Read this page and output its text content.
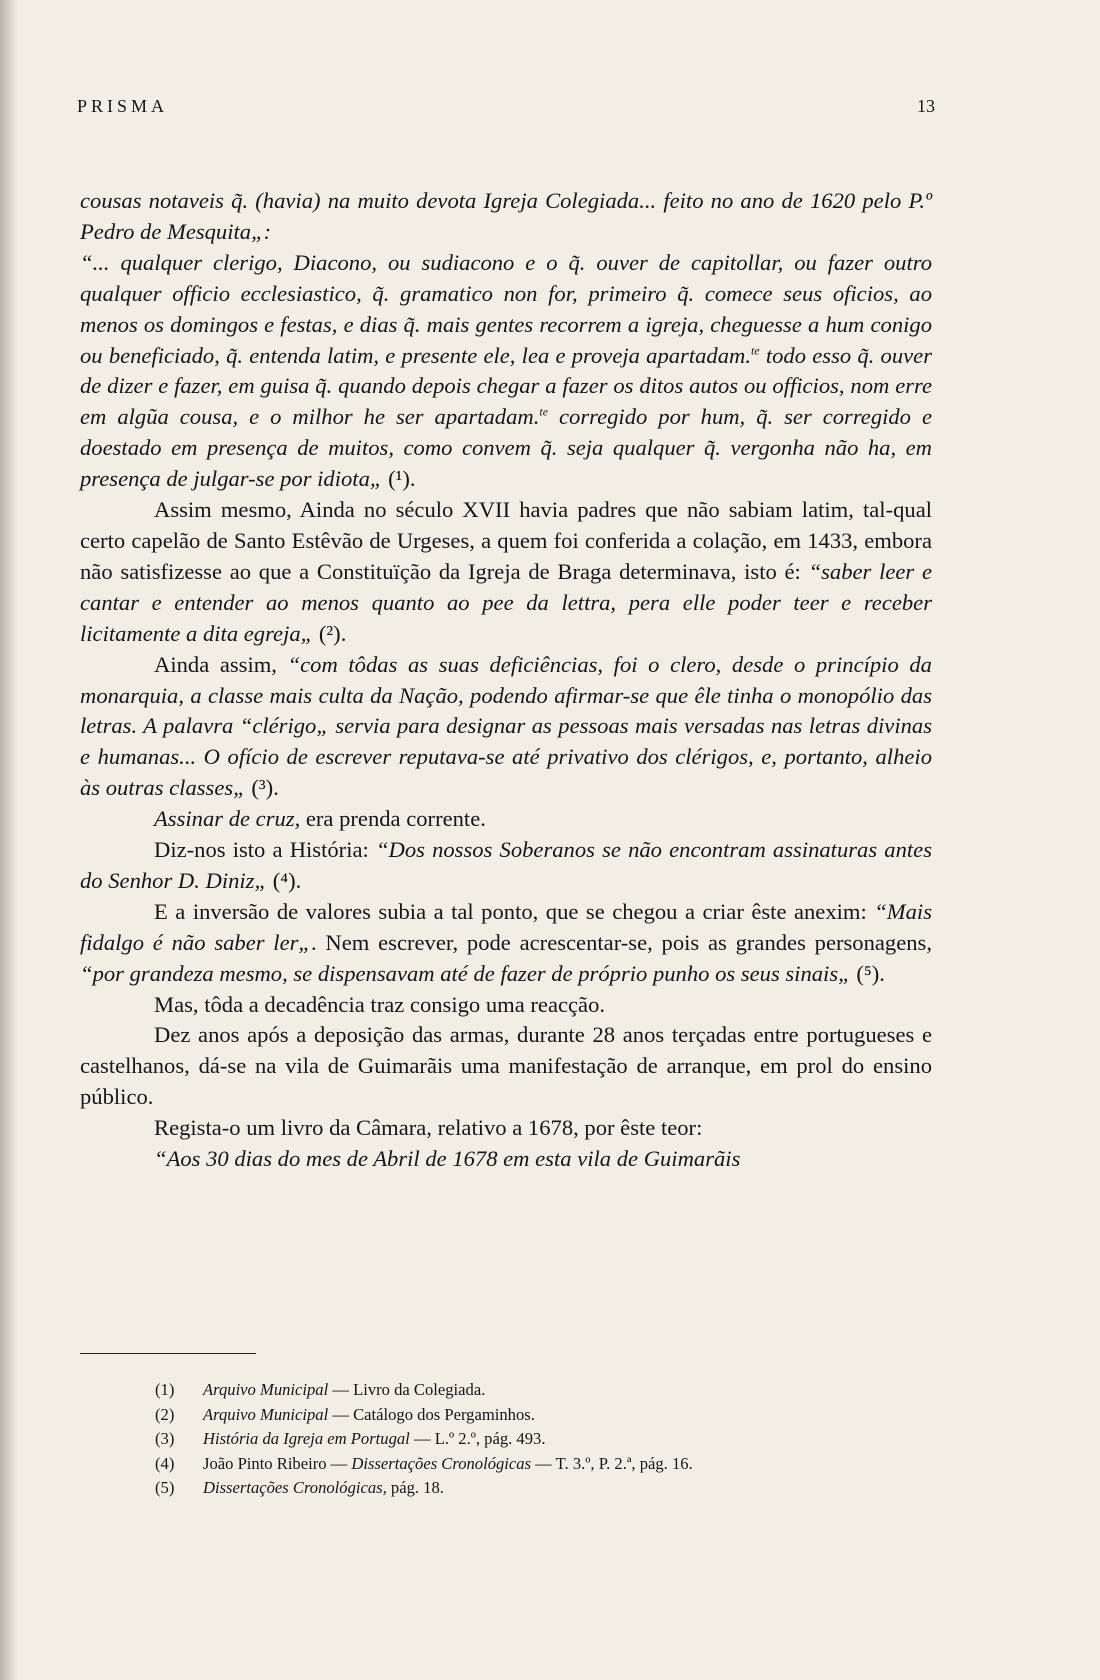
PRISMA	13

cousas notaveis q̃. (havia) na muito devota Igreja Colegiada... feito no ano de 1620 pelo P.º Pedro de Mesquita„:

“... qualquer clerigo, Diacono, ou sudiacono e o q̃. ouver de capitollar, ou fazer outro qualquer officio ecclesiastico, q̃. gramatico non for, primeiro q̃. comece seus oficios, ao menos os domingos e festas, e dias q̃. mais gentes recorrem a igreja, cheguesse a hum conigo ou beneficiado, q̃. entenda latim, e presente ele, lea e proveja apartadam.$^{te}$ todo esso q̃. ouver de dizer e fazer, em guisa q̃. quando depois chegar a fazer os ditos autos ou officios, nom erre em algũa cousa, e o milhor he ser apartadam.$^{te}$ corregido por hum, q̃. ser corregido e doestado em presença de muitos, como convem q̃. seja qualquer q̃. vergonha não ha, em presença de julgar-se por idiota„ (¹).

Assim mesmo, Ainda no século XVII havia padres que não sabiam latim, tal-qual certo capelão de Santo Estêvão de Urgeses, a quem foi conferida a colação, em 1433, embora não satisfizesse ao que a Constituïção da Igreja de Braga determinava, isto é: “saber leer e cantar e entender ao menos quanto ao pee da lettra, pera elle poder teer e receber licitamente a dita egreja„ (²).

Ainda assim, “com tôdas as suas deficiências, foi o clero, desde o princípio da monarquia, a classe mais culta da Nação, podendo afirmar-se que êle tinha o monopólio das letras. A palavra “clérigo„ servia para designar as pessoas mais versadas nas letras divinas e humanas... O ofício de escrever reputava-se até privativo dos clérigos, e, portanto, alheio às outras classes„ (³).

Assinar de cruz, era prenda corrente.

Diz-nos isto a História: “Dos nossos Soberanos se não encontram assinaturas antes do Senhor D. Diniz„ (⁴).

E a inversão de valores subia a tal ponto, que se chegou a criar êste anexim: “Mais fidalgo é não saber ler„. Nem escrever, pode acrescentar-se, pois as grandes personagens, “por grandeza mesmo, se dispensavam até de fazer de próprio punho os seus sinais„ (⁵).

Mas, tôda a decadência traz consigo uma reacção.

Dez anos após a deposição das armas, durante 28 anos terçadas entre portugueses e castelhanos, dá-se na vila de Guimarãis uma manifestação de arranque, em prol do ensino público.

Regista-o um livro da Câmara, relativo a 1678, por êste teor:

“Aos 30 dias do mes de Abril de 1678 em esta vila de Guimarãis

(1)	Arquivo Municipal — Livro da Colegiada.
(2)	Arquivo Municipal — Catálogo dos Pergaminhos.
(3)	História da Igreja em Portugal — L.º 2.º, pág. 493.
(4)	João Pinto Ribeiro — Dissertações Cronológicas — T. 3.º, P. 2.ª, pág. 16.
(5)	Dissertações Cronológicas, pág. 18.
